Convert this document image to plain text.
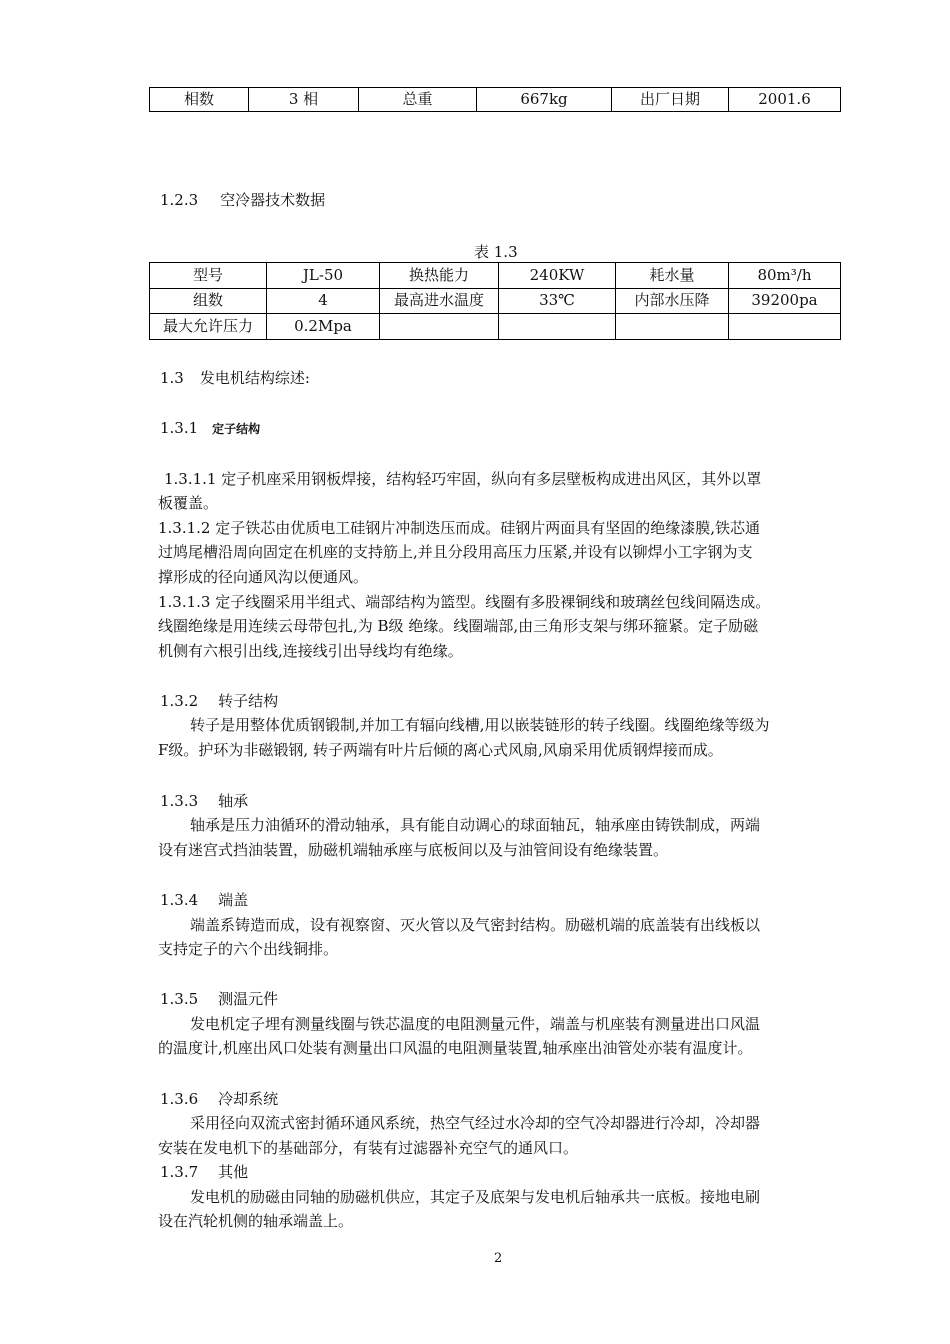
相数	3 相	总重	667kg	出厂日期	2001.6
1.2.3 空冷器技术数据
表 1.3
型号	JL-50	换热能力	240KW	耗水量	80m³/h
组数	4	最高进水温度	33℃	内部水压降	39200pa
最大允许压力	0.2Mpa				
1.3 发电机结构综述:
1.3.1 定子结构
1.3.1.1 定子机座采用钢板焊接，结构轻巧牢固，纵向有多层壁板构成进出风区，其外以罩
板覆盖。
1.3.1.2 定子铁芯由优质电工硅钢片冲制迭压而成。硅钢片两面具有坚固的绝缘漆膜,铁芯通
过鸠尾槽沿周向固定在机座的支持筋上,并且分段用高压力压紧,并设有以铆焊小工字钢为支
撑形成的径向通风沟以便通风。
1.3.1.3 定子线圈采用半组式、端部结构为篮型。线圈有多股裸铜线和玻璃丝包线间隔迭成。
线圈绝缘是用连续云母带包扎,为 B级 绝缘。线圈端部,由三角形支架与绑环箍紧。定子励磁
机侧有六根引出线,连接线引出导线均有绝缘。
1.3.2 转子结构
转子是用整体优质钢锻制,并加工有辐向线槽,用以嵌装链形的转子线圈。线圈绝缘等级为
F级。护环为非磁锻钢, 转子两端有叶片后倾的离心式风扇,风扇采用优质钢焊接而成。
1.3.3 轴承
轴承是压力油循环的滑动轴承，具有能自动调心的球面轴瓦，轴承座由铸铁制成，两端
设有迷宫式挡油装置，励磁机端轴承座与底板间以及与油管间设有绝缘装置。
1.3.4 端盖
端盖系铸造而成，设有视察窗、灭火管以及气密封结构。励磁机端的底盖装有出线板以
支持定子的六个出线铜排。
1.3.5 测温元件
发电机定子埋有测量线圈与铁芯温度的电阻测量元件，端盖与机座装有测量进出口风温
的温度计,机座出风口处装有测量出口风温的电阻测量装置,轴承座出油管处亦装有温度计。
1.3.6 冷却系统
采用径向双流式密封循环通风系统，热空气经过水冷却的空气冷却器进行冷却，冷却器
安装在发电机下的基础部分，有装有过滤器补充空气的通风口。
1.3.7 其他
发电机的励磁由同轴的励磁机供应，其定子及底架与发电机后轴承共一底板。接地电刷
设在汽轮机侧的轴承端盖上。
2
